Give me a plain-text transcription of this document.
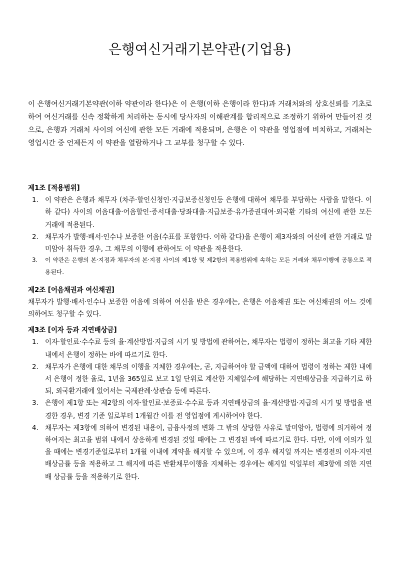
은행여신거래기본약관(기업용)
이 은행여신거래기본약관(이하 약관이라 한다)은 이 은행(이하 은행이라 한다)과 거래처와의 상호신뢰를 기초로 하여 여신거래를 신속 정확하게 처리하는 동시에 당사자의 이해관계를 합리적으로 조정하기 위하여 만들어진 것으로, 은행과 거래처 사이의 여신에 관한 모든 거래에 적용되며, 은행은 이 약관을 영업점에 비치하고, 거래처는 영업시간 중 언제든지 이 약관을 열람하거나 그 교부를 청구할 수 있다.
제1조 [적용범위]
1. 이 약관은 은행과 채무자 (차주·할인신청인·지급보증신청인등 은행에 대하여 채무를 부담하는 사람을 말한다. 이하 같다) 사이의 어음대출·어음할인·증서대출·당좌대출·지급보증·유가증권대여·외국환 기타의 여신에 관한 모든 거래에 적용된다.
2. 채무자가 발행·배서·인수나 보증한 어음(수표를 포함한다. 이하 같다)을 은행이 제3자와의 여신에 관한 거래로 말미암아 취득한 경우, 그 채무의 이행에 관하여도 이 약관을 적용한다.
3.	이 약관은 은행의 본·지점과 채무자의 본·지점 사이의 제1항 및 제2항의 적용범위에 속하는 모든 거래와 채무이행에 공통으로 적용된다.
제2조 [어음채권과 여신채권]
채무자가 발행·배서·인수나 보증한 어음에 의하여 여신을 받은 경우에는, 은행은 어음채권 또는 여신채권의 어느 것에 의하여도 청구할 수 있다.
제3조 [이자 등과 지연배상금]
1. 이자·할인료·수수료 등의 율·계산방법·지급의 시기 및 방법에 관하여는, 채무자는 법령이 정하는 최고율 기타 제한 내에서 은행이 정하는 바에 따르기로 한다.
2. 채무자가 은행에 대한 채무의 이행을 지체한 경우에는, 곧, 지급하여야 할 금액에 대하여 법령이 정하는 제한 내에서 은행이 정한 율로, 1년을 365일로 보고 1일 단위로 계산한 지체일수에 해당하는 지연배상금을 지급하기로 하되, 외국환거래에 있어서는 국제관례·상관습 등에 따른다.
3. 은행이 제1항 또는 제2항의 이자·할인료·보증료·수수료 등과 지연배상금의 율·계산방법·지급의 시기 및 방법을 변경한 경우, 변경 기준 일로부터 1개월간 이를 전 영업점에 게시하여야 한다.
4. 채무자는 제3항에 의하여 변경된 내용이, 금융사정의 변화 그 밖의 상당한 사유로 말미암아, 법령에 의거하여 정하여지는 최고율 범위 내에서 상응하게 변경된 것일 때에는 그 변경된 바에 따르기로 한다. 다만, 이에 이의가 있을 때에는 변경기준일로부터 1개월 이내에 계약을 해지할 수 있으며, 이 경우 해지일 까지는 변경전의 이자·지연 배상금률 등을 적용하고 그 해지에 따른 반환채무이행을 지체하는 경우에는 해지일 익일부터 제3항에 의한 지연배 상금률 등을 적용하기로 한다.
